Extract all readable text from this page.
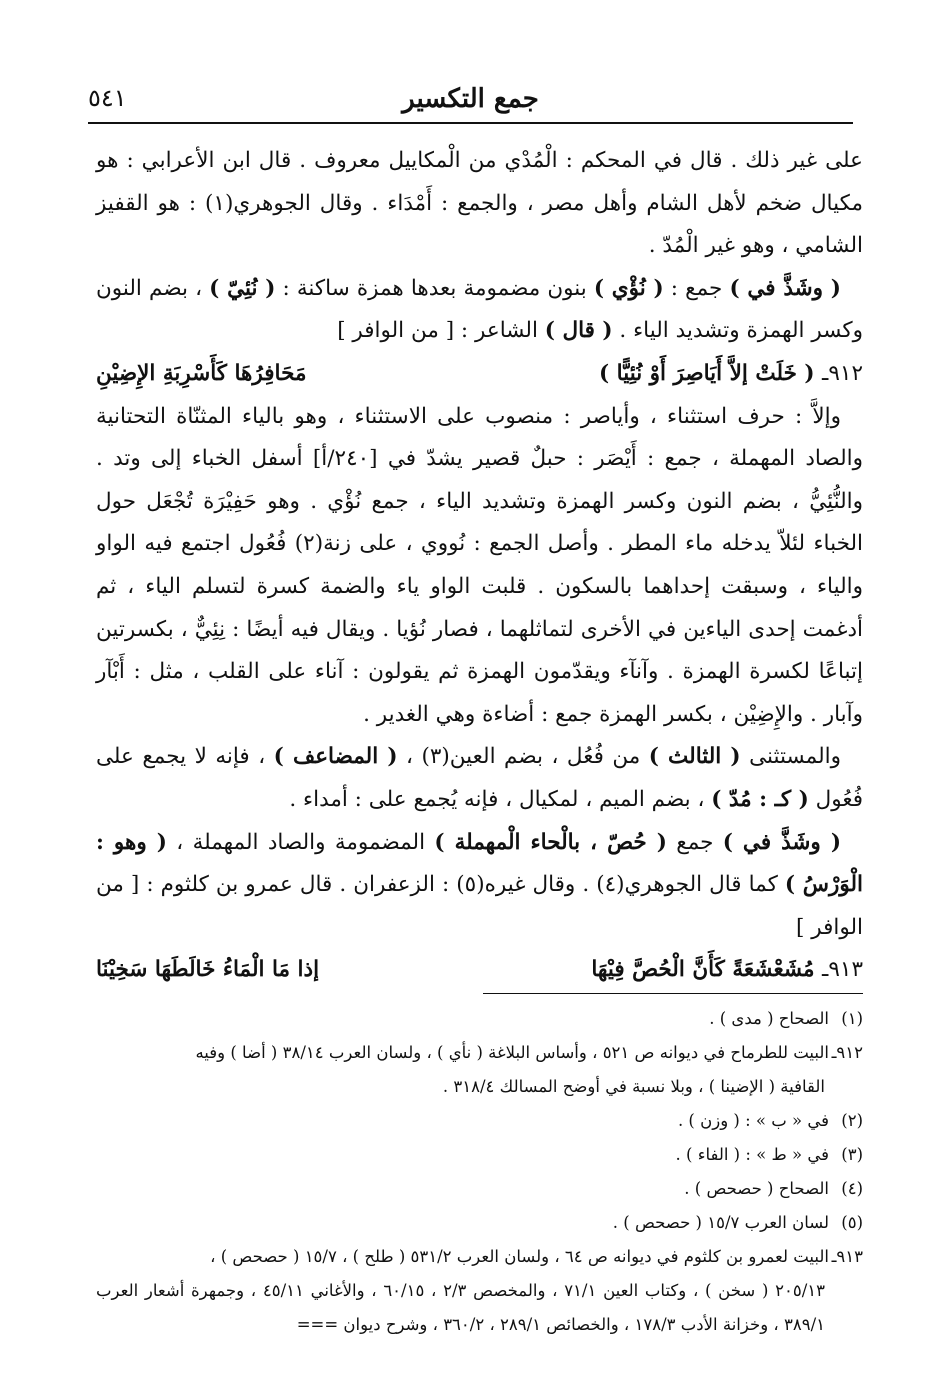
جمع التكسير
٥٤١

على غير ذلك . قال في المحكم : الْمُدْي من الْمكاييل معروف . قال ابن الأعرابي : هو مكيال ضخم لأهل الشام وأهل مصر ، والجمع : أَمْدَاء . وقال الجوهري(١) : هو القفيز الشامي ، وهو غير الْمُدّ .

( وشَذَّ في ) جمع : ( نُؤْي ) بنون مضمومة بعدها همزة ساكنة : ( نُئِيّ ) ، بضم النون وكسر الهمزة وتشديد الياء . ( قال ) الشاعر : [ من الوافر ]

٩١٢ـ ( خَلَتْ إلاَّ أَيَاصِرَ أَوْ نُئِيًّا )
مَحَافِرُهَا كَأَسْرِبَةِ الإِضِيْنِ

وإلاَّ : حرف استثناء ، وأياصر : منصوب على الاستثناء ، وهو بالياء المثنّاة التحتانية والصاد المهملة ، جمع : أَيْصَر : حبلٌ قصير يشدّ في [٢٤٠/أ] أسفل الخباء إلى وتد . والنُّئِيُّ ، بضم النون وكسر الهمزة وتشديد الياء ، جمع نُؤْي . وهو حَفِيْرَة تُجْعَل حول الخباء لئلاّ يدخله ماء المطر . وأصل الجمع : نُووي ، على زنة(٢) فُعُول اجتمع فيه الواو والياء ، وسبقت إحداهما بالسكون . قلبت الواو ياء والضمة كسرة لتسلم الياء ، ثم أدغمت إحدى الياءين في الأخرى لتماثلهما ، فصار نُؤيا . ويقال فيه أيضًا : نِئِيٌّ ، بكسرتين إتباعًا لكسرة الهمزة . وآنآء ويقدّمون الهمزة ثم يقولون : آناء على القلب ، مثل : أَبْآر وآبار . والإِضِيْن ، بكسر الهمزة جمع : أضاءة وهي الغدير .

والمستثنى ( الثالث ) من فُعُل ، بضم العين(٣) ، ( المضاعف ) ، فإنه لا يجمع على فُعُول ( كـ : مُدّ ) ، بضم الميم ، لمكيال ، فإنه يُجمع على : أمداء .

( وشَذَّ في ) جمع ( حُصّ ، بالْحاء الْمهملة ) المضمومة والصاد المهملة ، ( وهو : الْوَرْسُ ) كما قال الجوهري(٤) . وقال غيره(٥) : الزعفران . قال عمرو بن كلثوم : [ من الوافر ]

٩١٣ـ مُشَعْشَعَةً كَأَنَّ الْحُصَّ فِيْهَا
إذا مَا الْمَاءُ خَالَطَهَا سَخِيْنَا

(١)الصحاح ( مدى ) .

٩١٢ـالبيت للطرماح في ديوانه ص ٥٢١ ، وأساس البلاغة ( نأي ) ، ولسان العرب ٣٨/١٤ ( أضا ) وفيه

القافية ( الإضينا ) ، وبلا نسبة في أوضح المسالك ٣١٨/٤ .

(٢)في « ب » : ( وزن ) .

(٣)في « ط » : ( الفاء ) .

(٤)الصحاح ( حصحص ) .

(٥)لسان العرب ١٥/٧ ( حصحص ) .

٩١٣ـالبيت لعمرو بن كلثوم في ديوانه ص ٦٤ ، ولسان العرب ٥٣١/٢ ( طلح ) ، ١٥/٧ ( حصحص ) ،

٢٠٥/١٣ ( سخن ) ، وكتاب العين ٧١/١ ، والمخصص ٢/٣ ، ٦٠/١٥ ، والأغاني ٤٥/١١ ، وجمهرة أشعار العرب ٣٨٩/١ ، وخزانة الأدب ١٧٨/٣ ، والخصائص ٢٨٩/١ ، ٣٦٠/٢ ، وشرح ديوان ===
